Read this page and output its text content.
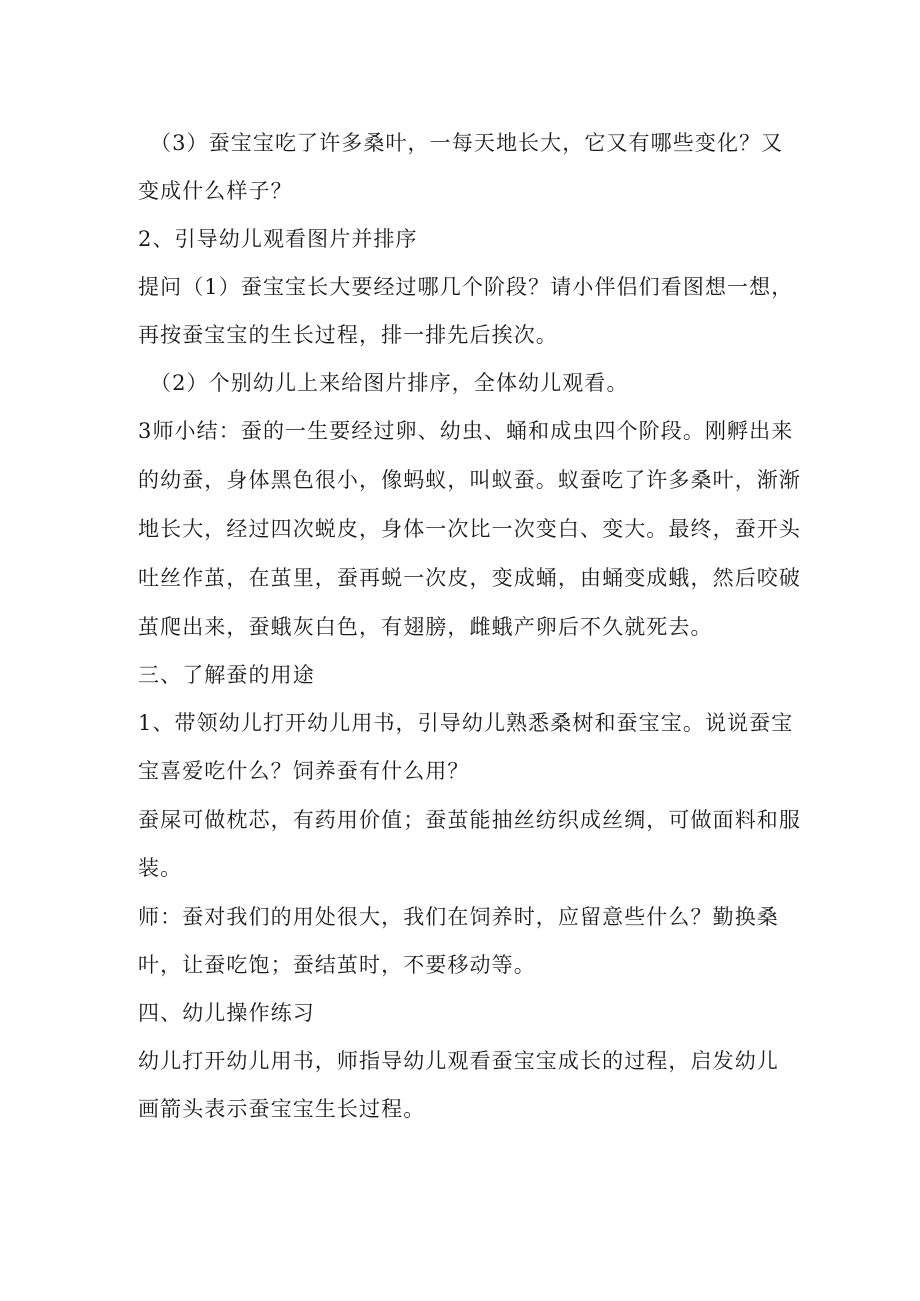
（3）蚕宝宝吃了许多桑叶，一每天地长大，它又有哪些变化？又
变成什么样子？
2、引导幼儿观看图片并排序
提问（1）蚕宝宝长大要经过哪几个阶段？请小伴侣们看图想一想，
再按蚕宝宝的生长过程，排一排先后挨次。
（2）个别幼儿上来给图片排序，全体幼儿观看。
3师小结：蚕的一生要经过卵、幼虫、蛹和成虫四个阶段。刚孵出来
的幼蚕，身体黑色很小，像蚂蚁，叫蚁蚕。蚁蚕吃了许多桑叶，渐渐
地长大，经过四次蜕皮，身体一次比一次变白、变大。最终，蚕开头
吐丝作茧，在茧里，蚕再蜕一次皮，变成蛹，由蛹变成蛾，然后咬破
茧爬出来，蚕蛾灰白色，有翅膀，雌蛾产卵后不久就死去。
三、了解蚕的用途
1、带领幼儿打开幼儿用书，引导幼儿熟悉桑树和蚕宝宝。说说蚕宝
宝喜爱吃什么？饲养蚕有什么用？
蚕屎可做枕芯，有药用价值；蚕茧能抽丝纺织成丝绸，可做面料和服
装。
师：蚕对我们的用处很大，我们在饲养时，应留意些什么？勤换桑
叶，让蚕吃饱；蚕结茧时，不要移动等。
四、幼儿操作练习
幼儿打开幼儿用书，师指导幼儿观看蚕宝宝成长的过程，启发幼儿
画箭头表示蚕宝宝生长过程。
